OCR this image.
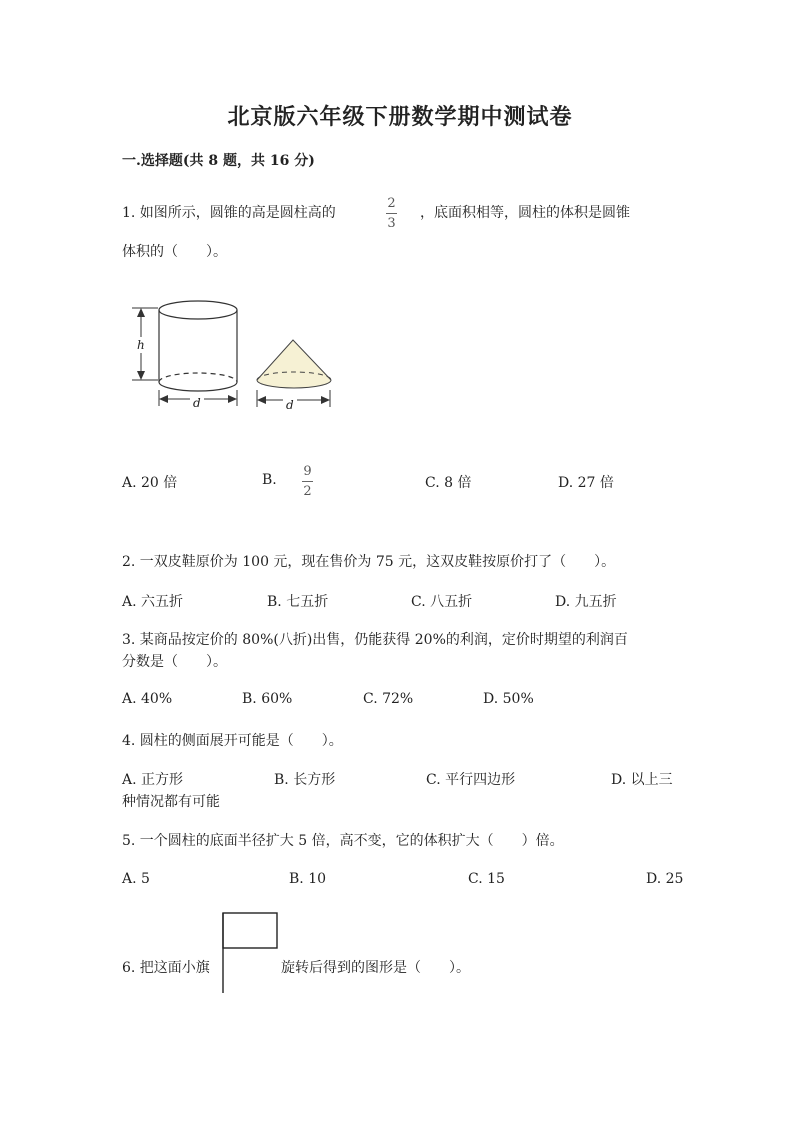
北京版六年级下册数学期中测试卷
一.选择题(共 8 题，共 16 分)
1. 如图所示，圆锥的高是圆柱高的
2
3
，底面积相等，圆柱的体积是圆锥
体积的（　　）。
h
d	d
A. 20 倍	B.
9
2
C. 8 倍	D. 27 倍
2. 一双皮鞋原价为 100 元，现在售价为 75 元，这双皮鞋按原价打了（　　）。
A. 六五折	B. 七五折	C. 八五折	D. 九五折
3. 某商品按定价的 80%(八折)出售，仍能获得 20%的利润，定价时期望的利润百
分数是（　　）。
A. 40%	B. 60%	C. 72%	D. 50%
4. 圆柱的侧面展开可能是（　　）。
A. 正方形	B. 长方形	C. 平行四边形	D. 以上三
种情况都有可能
5. 一个圆柱的底面半径扩大 5 倍，高不变，它的体积扩大（　　）倍。
A. 5	B. 10	C. 15	D. 25
6. 把这面小旗	旋转后得到的图形是（　　）。
